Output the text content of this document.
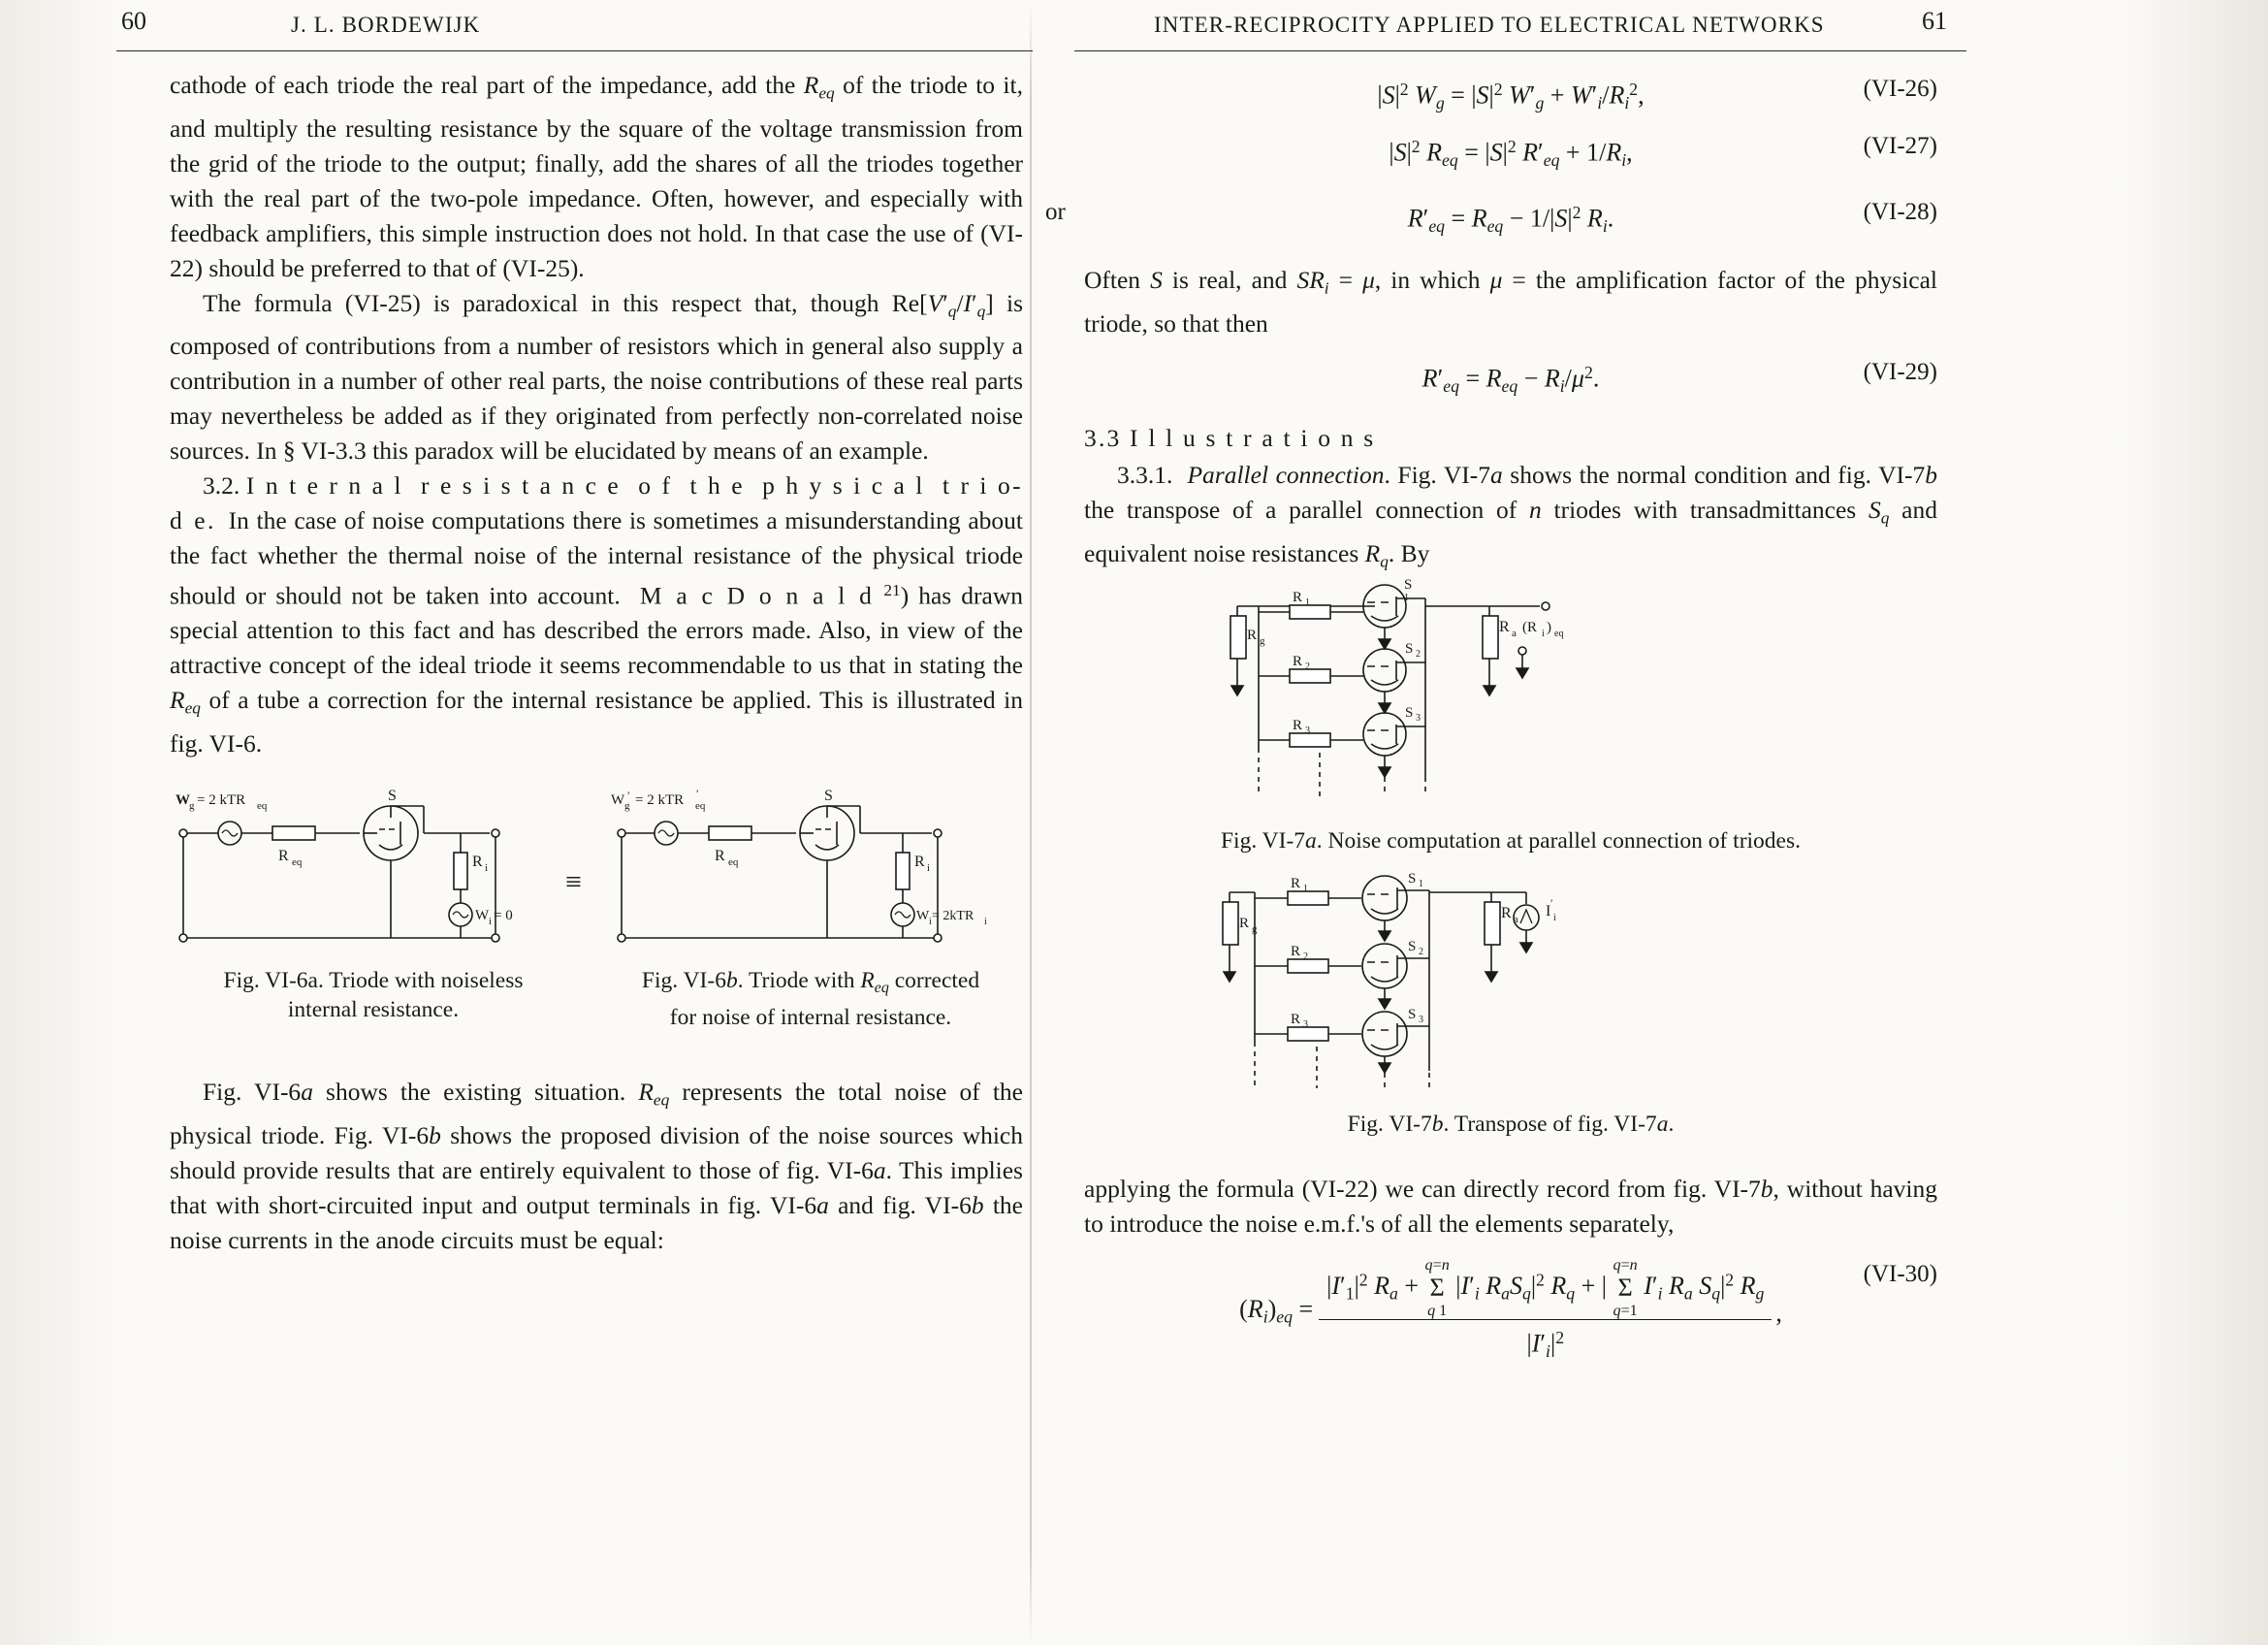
60	J. L. BORDEWIJK

cathode of each triode the real part of the impedance, add the $R_{eq}$ of the triode to it, and multiply the resulting resistance by the square of the voltage transmission from the grid of the triode to the output; finally, add the shares of all the triodes together with the real part of the two-pole impedance. Often, however, and especially with feedback amplifiers, this simple instruction does not hold. In that case the use of (VI-22) should be preferred to that of (VI-25).

The formula (VI-25) is paradoxical in this respect that, though $Re[V'_q/I'_q]$ is composed of contributions from a number of resistors which in general also supply a contribution in a number of other real parts, the noise contributions of these real parts may nevertheless be added as if they originated from perfectly non-correlated noise sources. In § VI-3.3 this paradox will be elucidated by means of an example.

3.2. I n t e r n a l  r e s i s t a n c e  o f  t h e  p h y s i c a l  t r i o- d e.  In the case of noise computations there is sometimes a misunderstanding about the fact whether the thermal noise of the internal resistance of the physical triode should or should not be taken into account.  M a c D o n a l d $^{21}$) has drawn special attention to this fact and has described the errors made. Also, in view of the attractive concept of the ideal triode it seems recommendable to us that in stating the $R_{eq}$ of a tube a correction for the internal resistance be applied. This is illustrated in fig. VI-6.

W g = 2 kTR eq
R eq
S
R i
W i = 0
W g
′ = 2 kTR eq
′
R eq
S
R i
W i = 2kTR i
≡
Fig. VI-6a. Triode with noiseless
internal resistance.
Fig. VI-6b. Triode with $R_{eq}$ corrected
for noise of internal resistance.

Fig. VI-6a shows the existing situation. $R_{eq}$ represents the total noise of the physical triode. Fig. VI-6b shows the proposed division of the noise sources which should provide results that are entirely equivalent to those of fig. VI-6a. This implies that with short-circuited input and output terminals in fig. VI-6a and fig. VI-6b the noise currents in the anode circuits must be equal:

INTER-RECIPROCITY APPLIED TO ELECTRICAL NETWORKS	61
$|S|^2$ $W_g = |S|^2$ $W'_g + W'_i/R_i^2$,	(VI-26)
$|S|^2$ $R_{eq} = |S|^2$ $R'_{eq} + 1/R_i$,	(VI-27)
or	$R'_{eq} = R_{eq} - 1/|S|^2$ $R_i$.	(VI-28)

Often S is real, and $SR_i = \mu$, in which μ = the amplification factor of the physical triode, so that then

$R'_{eq} = R_{eq} - R_i/\mu^2$.	(VI-29)
3.3 I l l u s t r a t i o n s

3.3.1.  Parallel connection. Fig. VI-7a shows the normal condition and fig. VI-7b the transpose of a parallel connection of n triodes with transadmittances $S_q$ and equivalent noise resistances $R_q$. By

R g
R 1
R 2
R 3
S
S 2
S 3
R a (R i ) eq
1
Fig. VI-7a. Noise computation at parallel connection of triodes.
R g
R 1
R 2
R 3
S 1
S 2
S 3
R a I ′
i
Fig. VI-7b. Transpose of fig. VI-7a.

applying the formula (VI-22) we can directly record from fig. VI-7b, without having to introduce the noise e.m.f.'s of all the elements separately,

$(R_i)_{eq}$ =
$|I'_1|^2$ $R_a$ +
q=n
Σ
q 1
$|I'_i$ $R_aS_q|^2$ $R_q$ + |
q=n
Σ
q=1
$I'_i$ $R_a$ $S_q|^2$ $R_g$
$|I'_i|^2$
,
(VI-30)
